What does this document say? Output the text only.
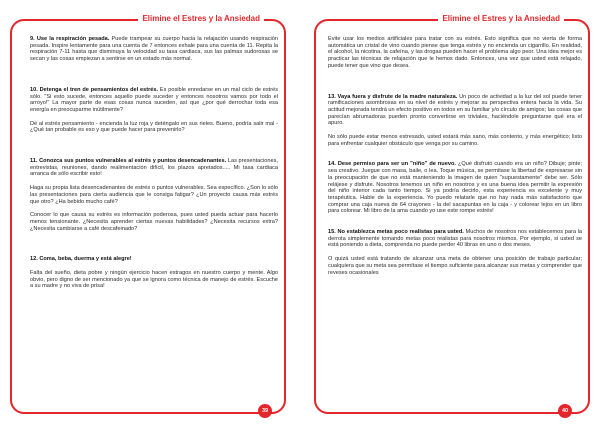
Elimine el Estres y la Ansiedad

9. Use la respiración pesada. Puede trampear su cuerpo hacia la relajación usando respiración pesada. Inspire lentamente para una cuenta de 7 entonces exhale para una cuenta de 11. Repita la respiración 7-11 hasta que disminuya la velocidad su tasa cardiaca, sus las palmas sudorosas se secan y las cosas empiezan a sentirse en un estado más normal.

10. Detenga el tren de pensamientos del estrés. Es posible enredarse en un mal ciclo de estrés sólo. "Si esto sucede, entonces aquello puede suceder y entonces nosotros vamos por todo el arroyo!" La mayor parte de esas cosas nunca suceden, así que ¿por qué derrochar toda esa energía en preocuparme inútilmente?

Dé al estrés pensamiento - encienda la luz roja y deténgalo en sus rieles. Bueno, podría salir mal - ¿Qué tan probable es eso y que puede hacer para prevenirlo?

11. Conozca sus puntos vulnerables al estrés y puntos desencadenantes. Las presentaciones, entrevistas, reuniones, dando realimentación difícil, los plazos apretados..... Mi tasa cardiaca arranca de sólo escribir esto!

Haga su propia lista desencadenantes de estrés o puntos vulnerables. Sea específico. ¿Son lo sólo las presentaciones para cierta audiencia que le consiga fatigar? ¿Un proyecto causa más estrés que otro? ¿Ha bebido mucho café?

Conocer lo que causa su estrés es información poderosa, pues usted pueda actuar para hacerlo menos tensionante. ¿Necesita aprender ciertas nuevas habilidades? ¿Necesita recursos extra? ¿Necesita cambiarse a café descafeinado?

12. Coma, beba, duerma y está alegre!

Falta del sueño, dieta pobre y ningún ejercicio hacen estragos en nuestro cuerpo y mente. Algo obvio, pero digno de ser mencionado ya que se ignora como técnica de manejo de estrés. Escuche a su madre y no viva de prisa!

39
Elimine el Estres y la Ansiedad

Evite usar los medios artificiales para tratar con su estrés. Esto significa que no vierta de forma automática un cristal de vino cuando piense que tenga estrés y no encienda un cigarrillo. En realidad, el alcohol, la nicotina, la cafeína, y las drogas pueden hacer el problema algo peor. Una idea mejor es practicar las técnicas de relajación que le hemos dado. Entonces, una vez que usted está relajado, puede tener que vino que desea.

13. Vaya fuera y disfrute de la madre naturaleza. Un poco de actividad a la luz del sol puede tener ramificaciones asombrosas en su nivel de estrés y mejorar su perspectiva entera hacia la vida. Su actitud mejorada tendrá un efecto positivo en todos en su familiar y/o círculo de amigos; las cosas que parecían abrumadoras pueden pronto convertirse en triviales, haciéndole preguntarse qué era el apuro.

No sólo puede estar menos estresado, usted estará más sano, más contento, y más energético; listo para enfrentar cualquier obstáculo que venga por su camino.

14. Dese permiso para ser un "niño" de nuevo. ¿Qué disfrutó cuando era un niño? Dibuje; pinte; sea creativo. Juegue con masa, baile, o lea. Toque música, se permitase la libertad de expresarse sin la preocupación de que no está manteniendo la imagen de quien "supuestamente" debe ser. Sólo relájese y disfrute. Nosotros tenemos un niño en nosotros y es una buena idea permitir la expresión del niño interior cada tanto tiempo. Si ya podría decirlo, esta experiencia es excelente y muy terapéutica. Hable de la experiencia. Yo puedo relatarle que no hay nada más satisfactorio que comprar una caja nueva de 64 crayones - la del sacapuntas en la caja - y colorear lejos en un libro para colorear. Mi libro de la ama cuando yo use este rompe estrés!

15. No establezca metas poco realistas para usted. Muchos de nosotros nos establecemos para la derrota simplemente tomando metas poco realistas para nosotros mismos. Por ejemplo, si usted se está poniendo a dieta, comprenda no puede perder 40 libras en uno o dos meses.

O quizá usted está tratando de alcanzar una meta de obtener una posición de trabajo particular; cualquiera que su meta sea permítase el tiempo suficiente para alcanzar sus metas y comprender que reveses ocasionales

40
